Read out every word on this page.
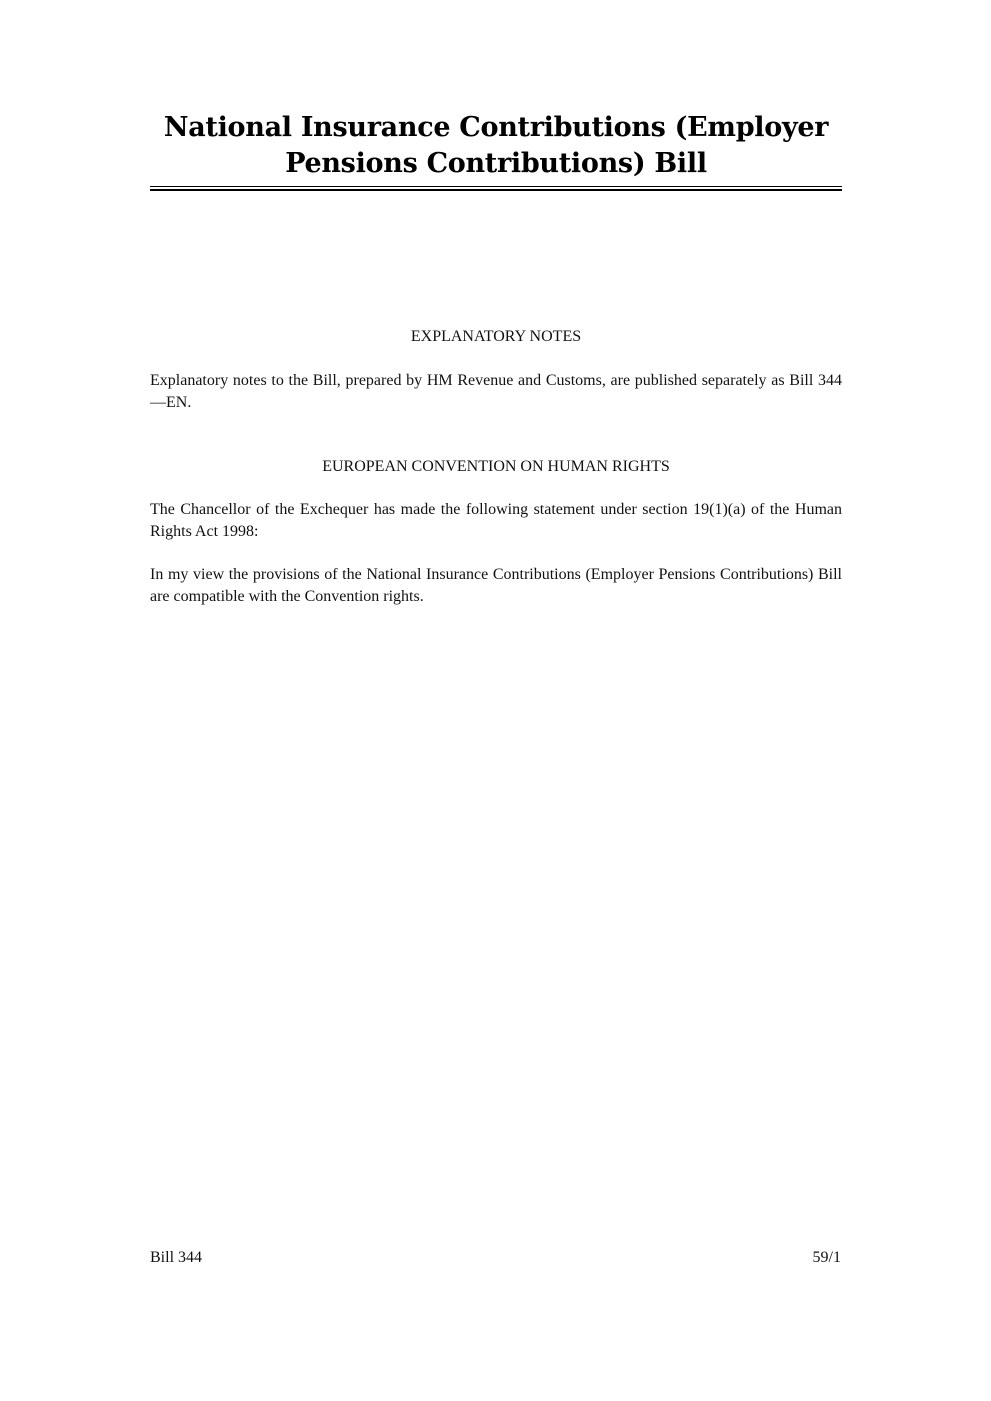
National Insurance Contributions (Employer Pensions Contributions) Bill
EXPLANATORY NOTES

Explanatory notes to the Bill, prepared by HM Revenue and Customs, are published separately as Bill 344—EN.

EUROPEAN CONVENTION ON HUMAN RIGHTS

The Chancellor of the Exchequer has made the following statement under section 19(1)(a) of the Human Rights Act 1998:

In my view the provisions of the National Insurance Contributions (Employer Pensions Contributions) Bill are compatible with the Convention rights.

Bill 344	59/1
